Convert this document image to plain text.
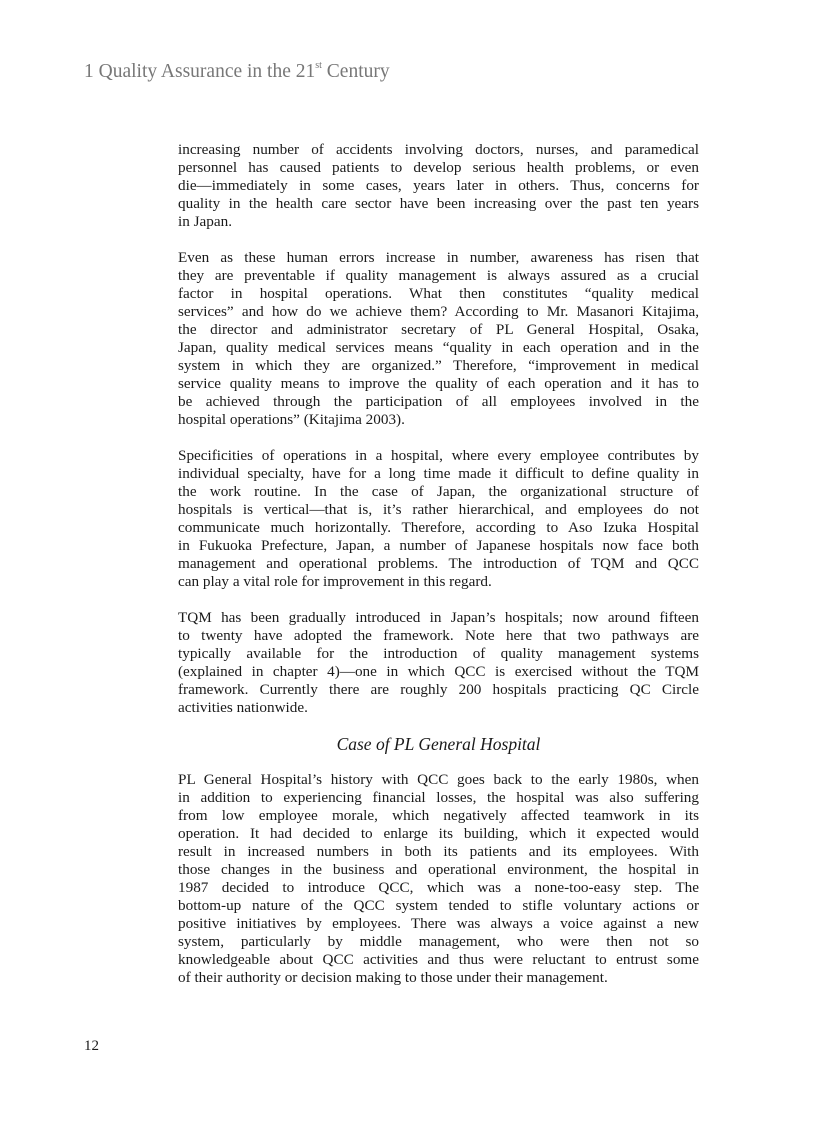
1 Quality Assurance in the 21st Century
increasing number of accidents involving doctors, nurses, and paramedical
personnel has caused patients to develop serious health problems, or even
die—immediately in some cases, years later in others. Thus, concerns for
quality in the health care sector have been increasing over the past ten years
in Japan.
Even as these human errors increase in number, awareness has risen that
they are preventable if quality management is always assured as a crucial
factor in hospital operations. What then constitutes “quality medical
services” and how do we achieve them? According to Mr. Masanori Kitajima,
the director and administrator secretary of PL General Hospital, Osaka,
Japan, quality medical services means “quality in each operation and in the
system in which they are organized.” Therefore, “improvement in medical
service quality means to improve the quality of each operation and it has to
be achieved through the participation of all employees involved in the
hospital operations” (Kitajima 2003).
Specificities of operations in a hospital, where every employee contributes by
individual specialty, have for a long time made it difficult to define quality in
the work routine. In the case of Japan, the organizational structure of
hospitals is vertical—that is, it’s rather hierarchical, and employees do not
communicate much horizontally. Therefore, according to Aso Izuka Hospital
in Fukuoka Prefecture, Japan, a number of Japanese hospitals now face both
management and operational problems. The introduction of TQM and QCC
can play a vital role for improvement in this regard.
TQM has been gradually introduced in Japan’s hospitals; now around fifteen
to twenty have adopted the framework. Note here that two pathways are
typically available for the introduction of quality management systems
(explained in chapter 4)—one in which QCC is exercised without the TQM
framework. Currently there are roughly 200 hospitals practicing QC Circle
activities nationwide.
Case of PL General Hospital
PL General Hospital’s history with QCC goes back to the early 1980s, when
in addition to experiencing financial losses, the hospital was also suffering
from low employee morale, which negatively affected teamwork in its
operation. It had decided to enlarge its building, which it expected would
result in increased numbers in both its patients and its employees. With
those changes in the business and operational environment, the hospital in
1987 decided to introduce QCC, which was a none-too-easy step. The
bottom-up nature of the QCC system tended to stifle voluntary actions or
positive initiatives by employees. There was always a voice against a new
system, particularly by middle management, who were then not so
knowledgeable about QCC activities and thus were reluctant to entrust some
of their authority or decision making to those under their management.
12
